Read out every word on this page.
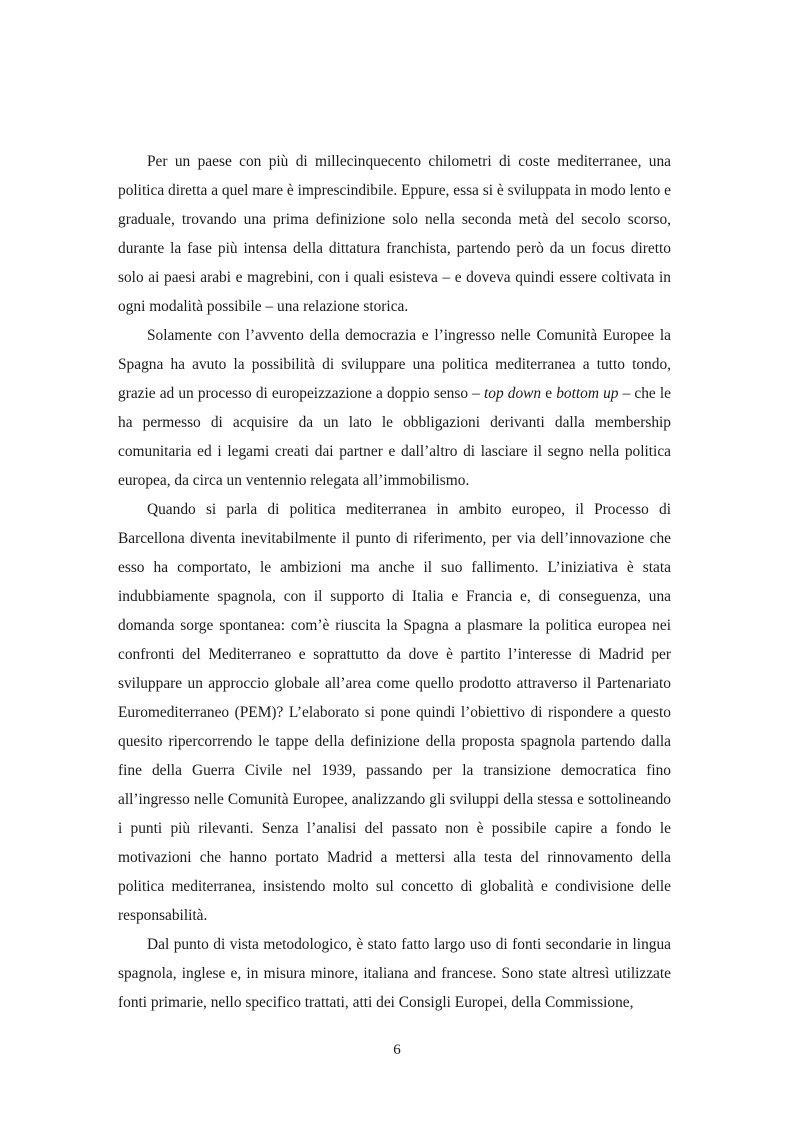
Per un paese con più di millecinquecento chilometri di coste mediterranee, una politica diretta a quel mare è imprescindibile. Eppure, essa si è sviluppata in modo lento e graduale, trovando una prima definizione solo nella seconda metà del secolo scorso, durante la fase più intensa della dittatura franchista, partendo però da un focus diretto solo ai paesi arabi e magrebini, con i quali esisteva – e doveva quindi essere coltivata in ogni modalità possibile – una relazione storica.

Solamente con l’avvento della democrazia e l’ingresso nelle Comunità Europee la Spagna ha avuto la possibilità di sviluppare una politica mediterranea a tutto tondo, grazie ad un processo di europeizzazione a doppio senso – top down e bottom up – che le ha permesso di acquisire da un lato le obbligazioni derivanti dalla membership comunitaria ed i legami creati dai partner e dall’altro di lasciare il segno nella politica europea, da circa un ventennio relegata all’immobilismo.

Quando si parla di politica mediterranea in ambito europeo, il Processo di Barcellona diventa inevitabilmente il punto di riferimento, per via dell’innovazione che esso ha comportato, le ambizioni ma anche il suo fallimento. L’iniziativa è stata indubbiamente spagnola, con il supporto di Italia e Francia e, di conseguenza, una domanda sorge spontanea: com’è riuscita la Spagna a plasmare la politica europea nei confronti del Mediterraneo e soprattutto da dove è partito l’interesse di Madrid per sviluppare un approccio globale all’area come quello prodotto attraverso il Partenariato Euromediterraneo (PEM)? L’elaborato si pone quindi l’obiettivo di rispondere a questo quesito ripercorrendo le tappe della definizione della proposta spagnola partendo dalla fine della Guerra Civile nel 1939, passando per la transizione democratica fino all’ingresso nelle Comunità Europee, analizzando gli sviluppi della stessa e sottolineando i punti più rilevanti. Senza l’analisi del passato non è possibile capire a fondo le motivazioni che hanno portato Madrid a mettersi alla testa del rinnovamento della politica mediterranea, insistendo molto sul concetto di globalità e condivisione delle responsabilità.

Dal punto di vista metodologico, è stato fatto largo uso di fonti secondarie in lingua spagnola, inglese e, in misura minore, italiana and francese. Sono state altresì utilizzate fonti primarie, nello specifico trattati, atti dei Consigli Europei, della Commissione,

6
